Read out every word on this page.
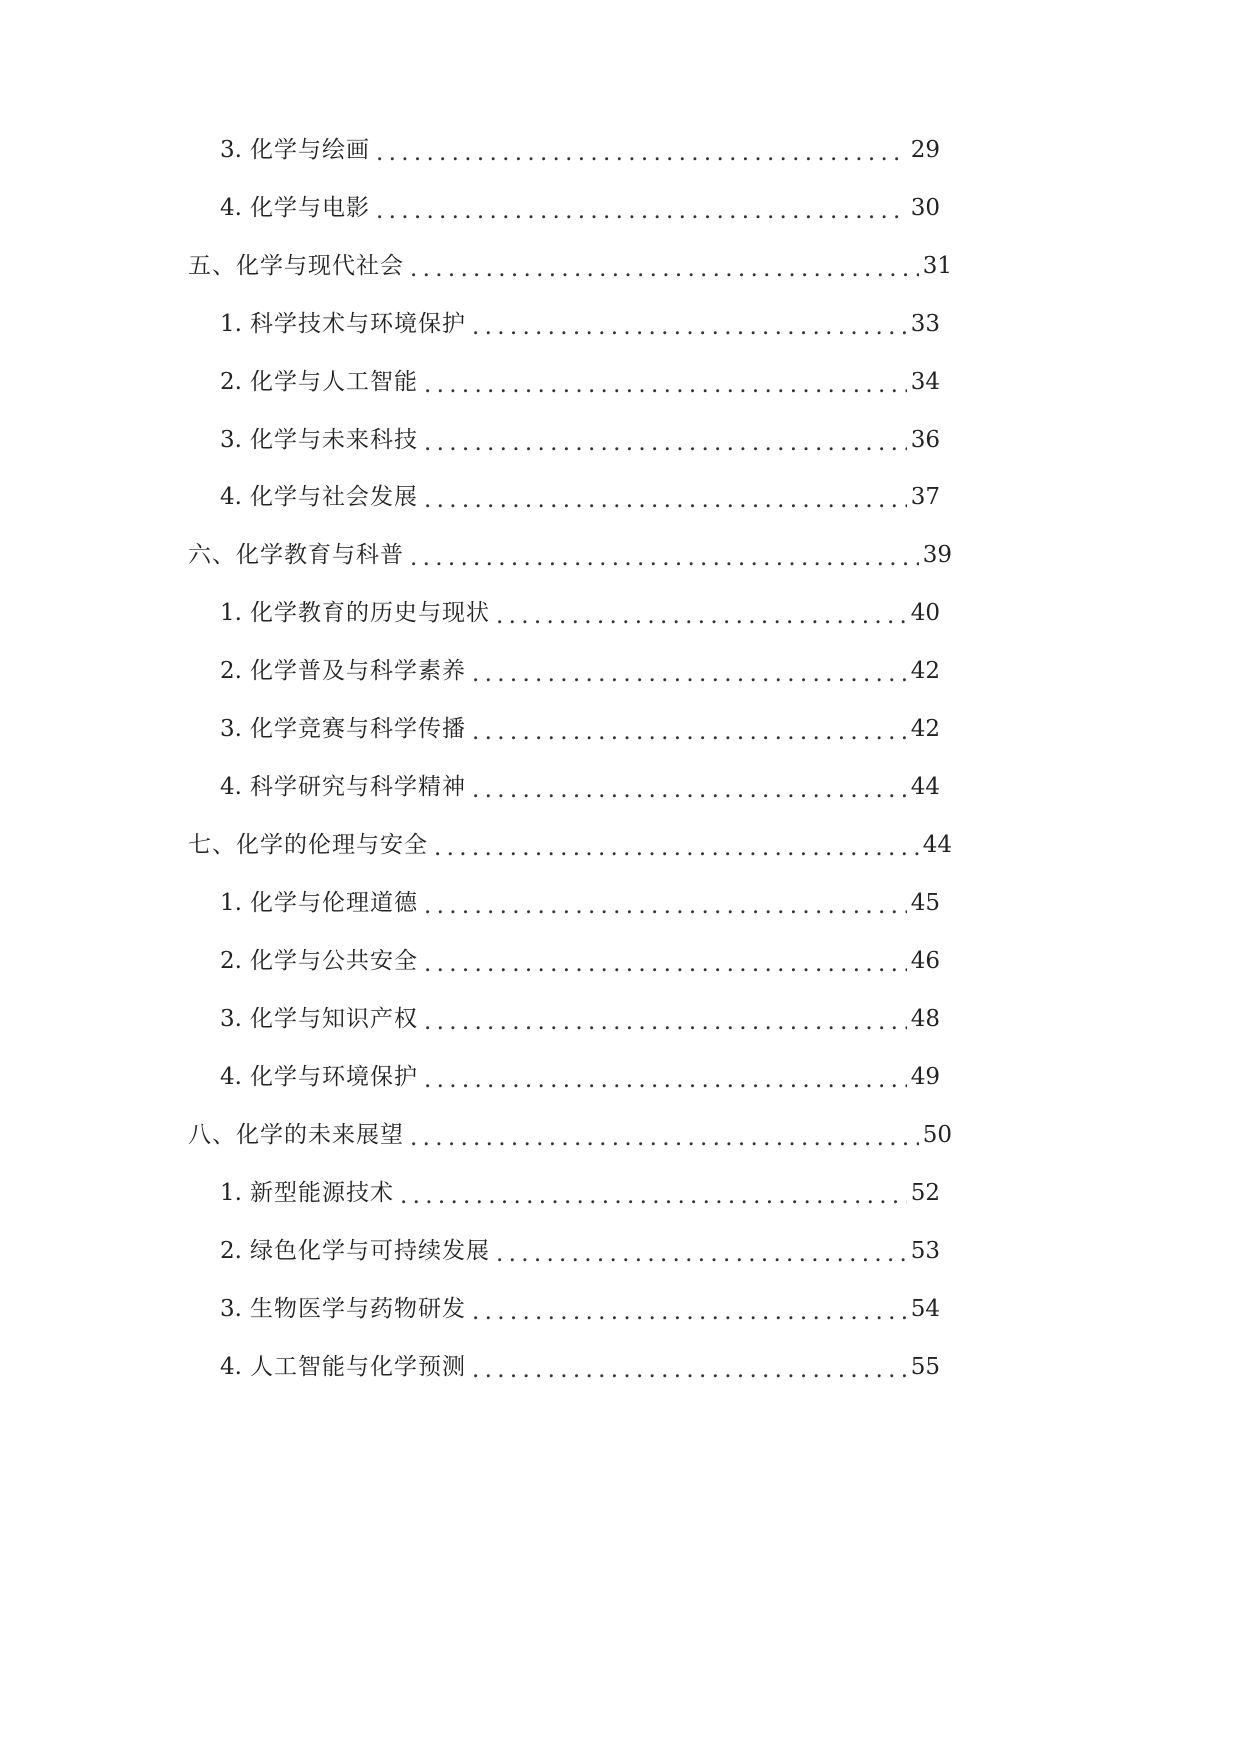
3. 化学与绘画 .....	29
4. 化学与电影 .....	30
五、化学与现代社会 .....	31
1. 科学技术与环境保护 .....	33
2. 化学与人工智能 .....	34
3. 化学与未来科技 .....	36
4. 化学与社会发展 .....	37
六、化学教育与科普 .....	39
1. 化学教育的历史与现状 .....	40
2. 化学普及与科学素养 .....	42
3. 化学竞赛与科学传播 .....	42
4. 科学研究与科学精神 .....	44
七、化学的伦理与安全 .....	44
1. 化学与伦理道德 .....	45
2. 化学与公共安全 .....	46
3. 化学与知识产权 .....	48
4. 化学与环境保护 .....	49
八、化学的未来展望 .....	50
1. 新型能源技术 .....	52
2. 绿色化学与可持续发展 .....	53
3. 生物医学与药物研发 .....	54
4. 人工智能与化学预测 .....	55
